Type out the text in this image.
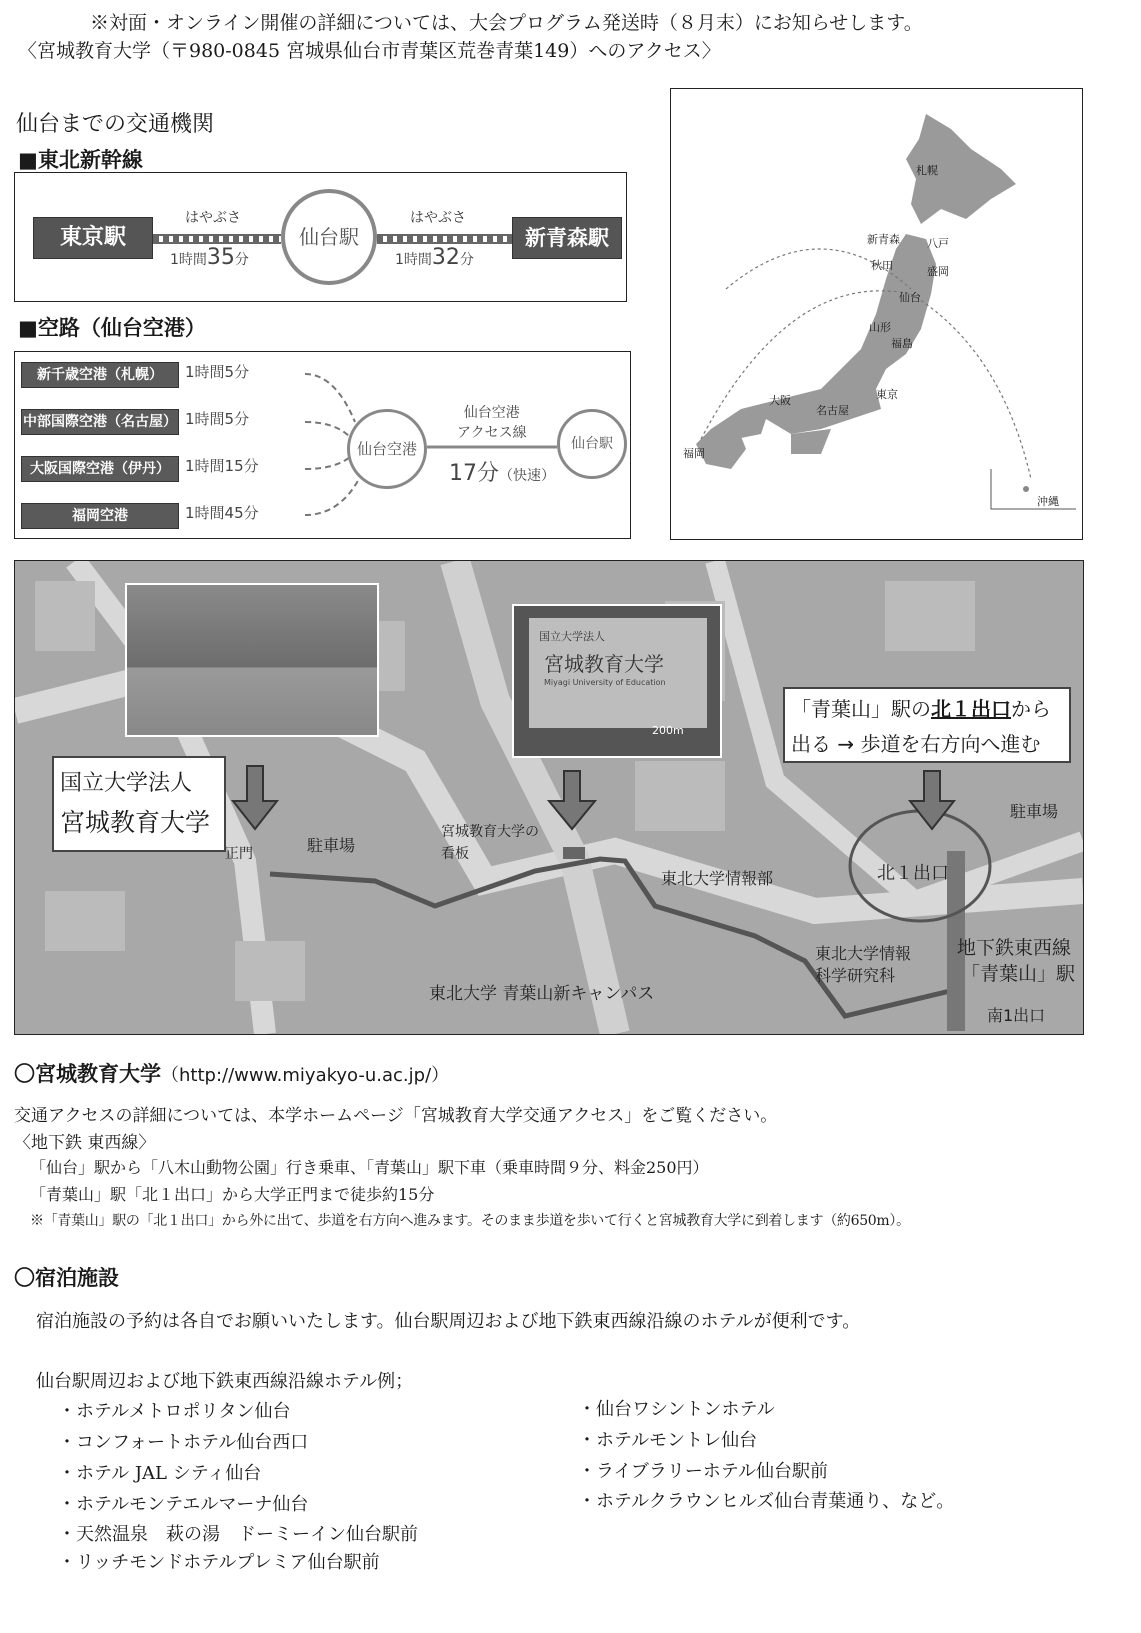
※対面・オンライン開催の詳細については、大会プログラム発送時（８月末）にお知らせします。
〈宮城教育大学（〒980-0845 宮城県仙台市青葉区荒巻青葉149）へのアクセス〉
仙台までの交通機関
■東北新幹線
東京駅
はやぶさ
1時間35分
仙台駅
はやぶさ
1時間32分
新青森駅
■空路（仙台空港）
新千歳空港（札幌）	1時間5分
中部国際空港（名古屋） 1時間5分
大阪国際空港（伊丹）	1時間15分
福岡空港	1時間45分
仙台空港
仙台空港
アクセス線
17分（快速）
仙台駅
札幌
新青森 八戸
秋田	盛岡
仙台
山形
福島
東京
大阪
名古屋
福岡
沖縄
国立大学法人
宮城教育大学
Miyagi University of Education
200m
国立大学法人
宮城教育大学
「青葉山」駅の北１出口から
出る → 歩道を右方向へ進む
正門	駐車場
宮城教育大学の
看板
東北大学情報部
駐車場
北１出口
東北大学情報
科学研究科
地下鉄東西線
「青葉山」駅
東北大学 青葉山新キャンパス
南1出口
〇宮城教育大学（http://www.miyakyo-u.ac.jp/）
交通アクセスの詳細については、本学ホームページ「宮城教育大学交通アクセス」をご覧ください。
〈地下鉄 東西線〉
「仙台」駅から「八木山動物公園」行き乗車、「青葉山」駅下車（乗車時間９分、料金250円）
「青葉山」駅「北１出口」から大学正門まで徒歩約15分
※「青葉山」駅の「北１出口」から外に出て、歩道を右方向へ進みます。そのまま歩道を歩いて行くと宮城教育大学に到着します（約650m）。
〇宿泊施設
宿泊施設の予約は各自でお願いいたします。仙台駅周辺および地下鉄東西線沿線のホテルが便利です。
仙台駅周辺および地下鉄東西線沿線ホテル例；
・ホテルメトロポリタン仙台
・コンフォートホテル仙台西口
・ホテル JAL シティ仙台
・ホテルモンテエルマーナ仙台
・天然温泉　萩の湯　ドーミーイン仙台駅前
・リッチモンドホテルプレミア仙台駅前
・仙台ワシントンホテル
・ホテルモントレ仙台
・ライブラリーホテル仙台駅前
・ホテルクラウンヒルズ仙台青葉通り、など。
